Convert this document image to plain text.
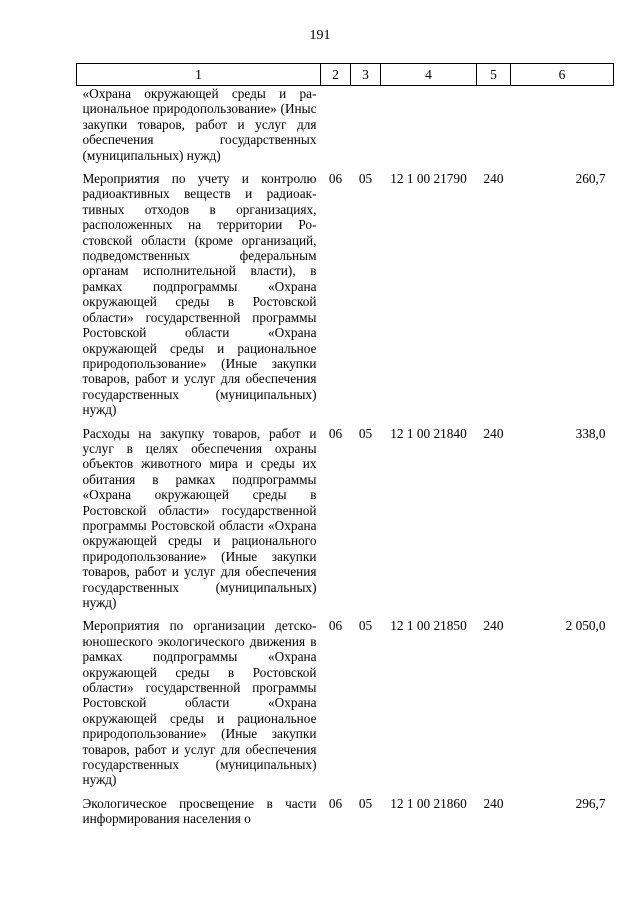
191
1	2	3	4	5	6
«Охрана окружающей среды и рациональное природопользование» (Иныс закупки товаров, работ и услуг для обеспечения государственных (муниципальных) нужд)					
Мероприятия по учету и контролю радиоактивных веществ и радиоактивных отходов в организациях, расположенных на территории Ростовской области (кроме организаций, подведомственных федеральным органам исполнительной власти), в рамках подпрограммы «Охрана окружающей среды в Ростовской области» государственной программы Ростовской области «Охрана окружающей среды и рациональное природопользование» (Иные закупки товаров, работ и услуг для обеспечения государственных (муниципальных) нужд)	06	05	12 1 00 21790	240	260,7
Расходы на закупку товаров, работ и услуг в целях обеспечения охраны объектов животного мира и среды их обитания в рамках подпрограммы «Охрана окружающей среды в Ростовской области» государственной программы Ростовской области «Охрана окружающей среды и рационального природопользование» (Иные закупки товаров, работ и услуг для обеспечения государственных (муниципальных) нужд)	06	05	12 1 00 21840	240	338,0
Мероприятия по организации детско-юношеского экологического движения в рамках подпрограммы «Охрана окружающей среды в Ростовской области» государственной программы Ростовской области «Охрана окружающей среды и рациональное природопользование» (Иные закупки товаров, работ и услуг для обеспечения государственных (муниципальных) нужд)	06	05	12 1 00 21850	240	2 050,0
Экологическое просвещение в части информирования населения о	06	05	12 1 00 21860	240	296,7
